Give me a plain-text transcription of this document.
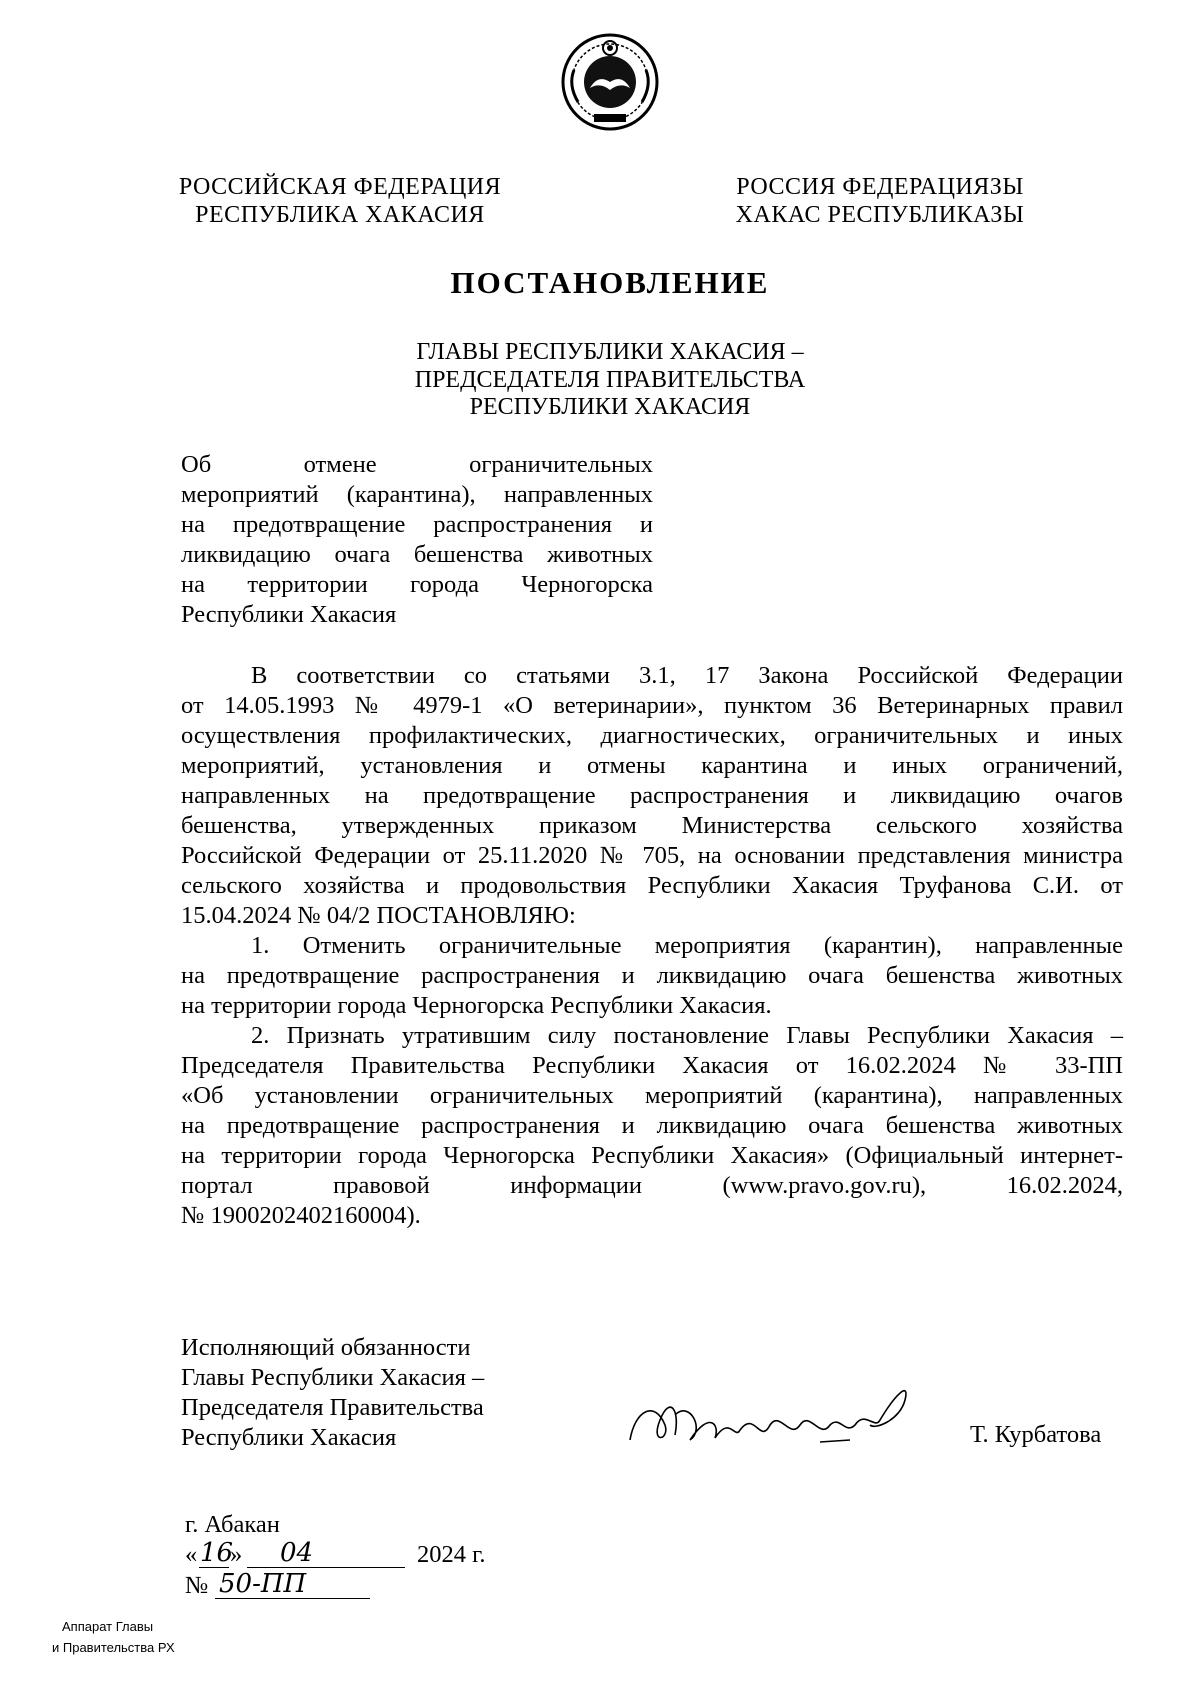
РОССИЙСКАЯ ФЕДЕРАЦИЯ
РЕСПУБЛИКА ХАКАСИЯ
РОССИЯ ФЕДЕРАЦИЯЗЫ
ХАКАС РЕСПУБЛИКАЗЫ
ПОСТАНОВЛЕНИЕ
ГЛАВЫ РЕСПУБЛИКИ ХАКАСИЯ –
ПРЕДСЕДАТЕЛЯ ПРАВИТЕЛЬСТВА
РЕСПУБЛИКИ ХАКАСИЯ
Об отмене ограничительных
мероприятий (карантина), направленных
на предотвращение распространения и
ликвидацию очага бешенства животных
на территории города Черногорска
Республики Хакасия
В соответствии со статьями 3.1, 17 Закона Российской Федерации
от 14.05.1993 № 4979-1 «О ветеринарии», пунктом 36 Ветеринарных правил
осуществления профилактических, диагностических, ограничительных и иных
мероприятий, установления и отмены карантина и иных ограничений,
направленных на предотвращение распространения и ликвидацию очагов
бешенства, утвержденных приказом Министерства сельского хозяйства
Российской Федерации от 25.11.2020 № 705, на основании представления министра
сельского хозяйства и продовольствия Республики Хакасия Труфанова С.И. от
15.04.2024 № 04/2 ПОСТАНОВЛЯЮ:
1. Отменить ограничительные мероприятия (карантин), направленные
на предотвращение распространения и ликвидацию очага бешенства животных
на территории города Черногорска Республики Хакасия.
2. Признать утратившим силу постановление Главы Республики Хакасия –
Председателя Правительства Республики Хакасия от 16.02.2024 № 33-ПП
«Об установлении ограничительных мероприятий (карантина), направленных
на предотвращение распространения и ликвидацию очага бешенства животных
на территории города Черногорска Республики Хакасия» (Официальный интернет-
портал правовой информации (www.pravo.gov.ru), 16.02.2024,
№ 1900202402160004).
Исполняющий обязанности
Главы Республики Хакасия –
Председателя Правительства
Республики Хакасия	Т. Курбатова
г. Абакан
« 16
» 04	2024 г.
№ 50-ПП
Аппарат Главы
и Правительства РХ
